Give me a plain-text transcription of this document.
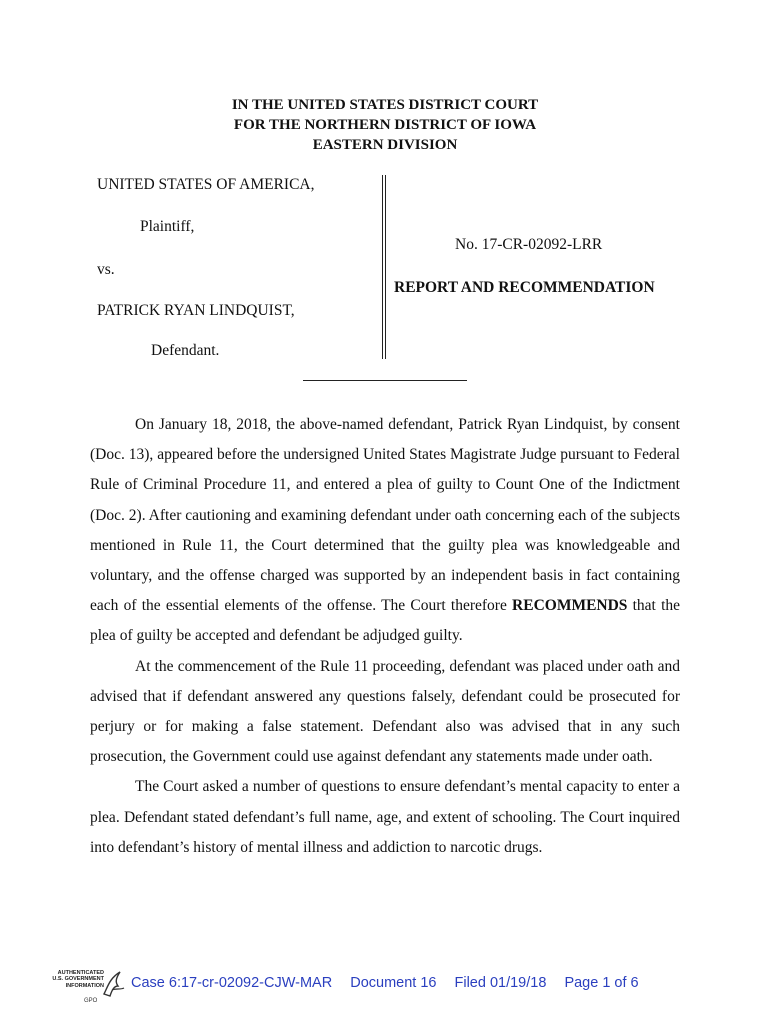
IN THE UNITED STATES DISTRICT COURT
FOR THE NORTHERN DISTRICT OF IOWA
EASTERN DIVISION
UNITED STATES OF AMERICA,
Plaintiff,
vs.
PATRICK RYAN LINDQUIST,
Defendant.
No. 17-CR-02092-LRR
REPORT AND RECOMMENDATION

On January 18, 2018, the above-named defendant, Patrick Ryan Lindquist, by consent (Doc. 13), appeared before the undersigned United States Magistrate Judge pursuant to Federal Rule of Criminal Procedure 11, and entered a plea of guilty to Count One of the Indictment (Doc. 2). After cautioning and examining defendant under oath concerning each of the subjects mentioned in Rule 11, the Court determined that the guilty plea was knowledgeable and voluntary, and the offense charged was supported by an independent basis in fact containing each of the essential elements of the offense. The Court therefore RECOMMENDS that the plea of guilty be accepted and defendant be adjudged guilty.

At the commencement of the Rule 11 proceeding, defendant was placed under oath and advised that if defendant answered any questions falsely, defendant could be prosecuted for perjury or for making a false statement. Defendant also was advised that in any such prosecution, the Government could use against defendant any statements made under oath.

The Court asked a number of questions to ensure defendant’s mental capacity to enter a plea. Defendant stated defendant’s full name, age, and extent of schooling. The Court inquired into defendant’s history of mental illness and addiction to narcotic drugs.

AUTHENTICATED
U.S. GOVERNMENT
INFORMATION
GPO
Case 6:17-cr-02092-CJW-MAR Document 16 Filed 01/19/18 Page 1 of 6
